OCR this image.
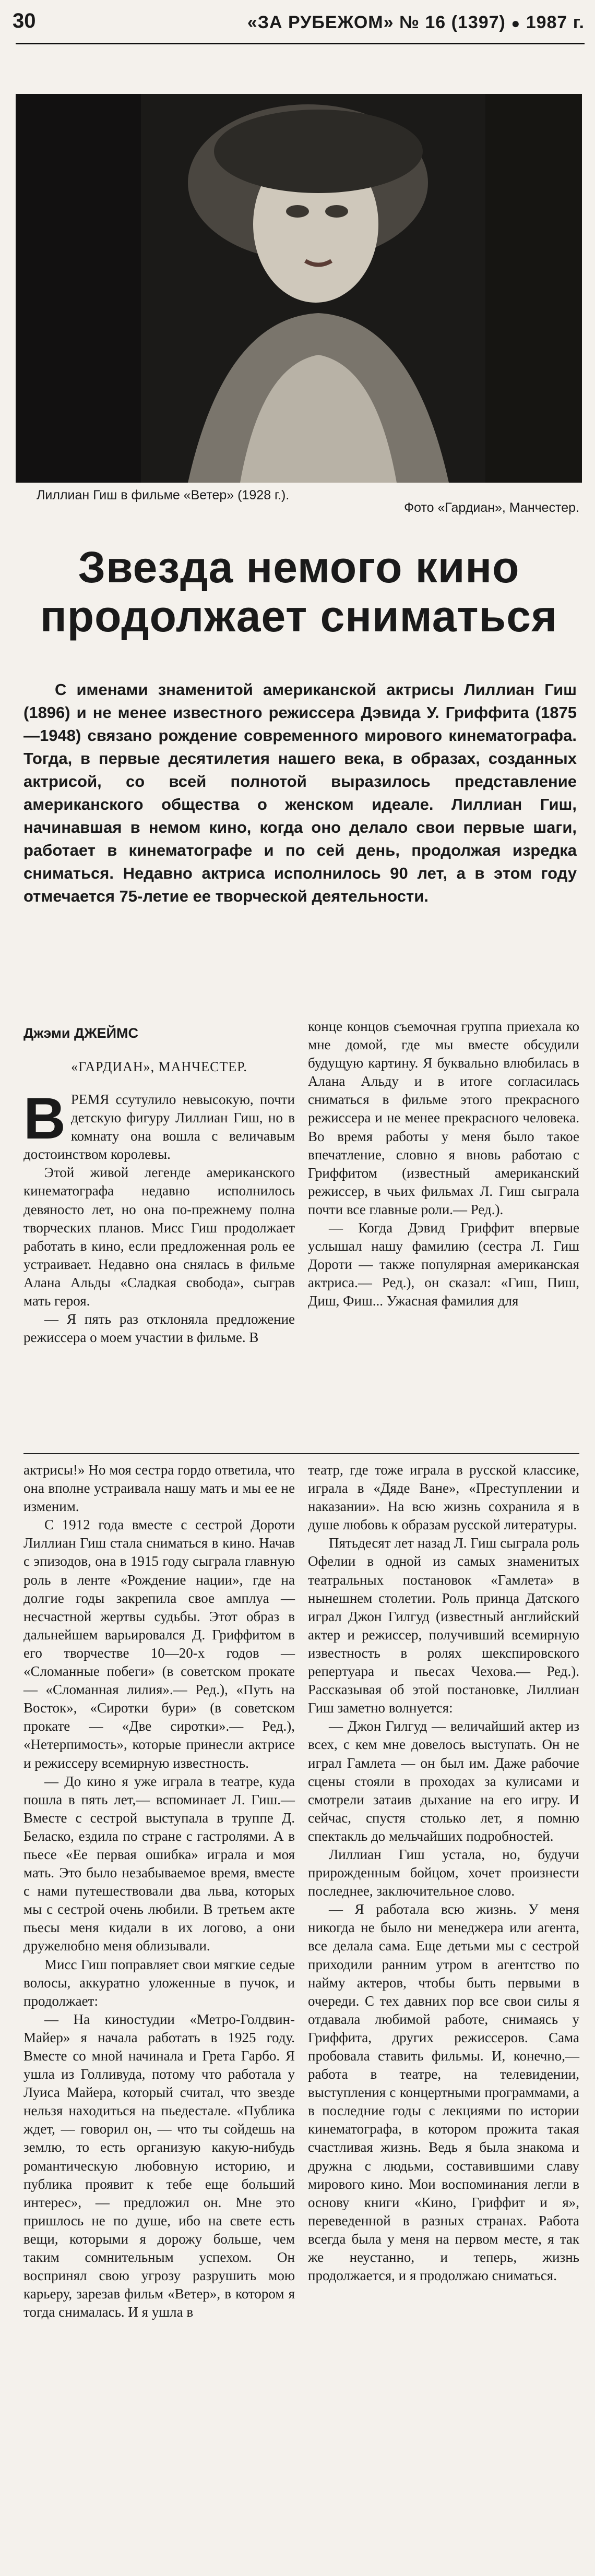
30	«ЗА РУБЕЖОМ» № 16 (1397) ● 1987 г.
Лиллиан Гиш в фильме «Ветер» (1928 г.).
Фото «Гардиан», Манчестер.
Звезда немого кино
продолжает сниматься
С именами знаменитой американской актрисы Лиллиан Гиш (1896) и не менее известного режиссера Дэвида У. Гриффита (1875—1948) связано рождение современного мирового кинематографа. Тогда, в первые десятилетия нашего века, в образах, созданных актрисой, со всей полнотой выразилось представление американского общества о женском идеале. Лиллиан Гиш, начинавшая в немом кино, когда оно делало свои первые шаги, работает в кинематографе и по сей день, продолжая изредка сниматься. Недавно актриса исполнилось 90 лет, а в этом году отмечается 75-летие ее творческой деятельности.
Джэми ДЖЕЙМС
«ГАРДИАН», МАНЧЕСТЕР.

ВРЕМЯ ссутулило невысокую, почти детскую фигуру Лиллиан Гиш, но в комнату она вошла с величавым достоинством королевы.

Этой живой легенде американского кинематографа недавно исполнилось девяносто лет, но она по-прежнему полна творческих планов. Мисс Гиш продолжает работать в кино, если предложенная роль ее устраивает. Недавно она снялась в фильме Алана Альды «Сладкая свобода», сыграв мать героя.

— Я пять раз отклоняла предложение режиссера о моем участии в фильме. В

конце концов съемочная группа приехала ко мне домой, где мы вместе обсудили будущую картину. Я буквально влюбилась в Алана Альду и в итоге согласилась сниматься в фильме этого прекрасного режиссера и не менее прекрасного человека. Во время работы у меня было такое впечатление, словно я вновь работаю с Гриффитом (известный американский режиссер, в чьих фильмах Л. Гиш сыграла почти все главные роли.— Ред.).

— Когда Дэвид Гриффит впервые услышал нашу фамилию (сестра Л. Гиш Дороти — также популярная американская актриса.— Ред.), он сказал: «Гиш, Пиш, Диш, Фиш... Ужасная фамилия для

актрисы!» Но моя сестра гордо ответила, что она вполне устраивала нашу мать и мы ее не изменим.

С 1912 года вместе с сестрой Дороти Лиллиан Гиш стала сниматься в кино. Начав с эпизодов, она в 1915 году сыграла главную роль в ленте «Рождение нации», где на долгие годы закрепила свое амплуа — несчастной жертвы судьбы. Этот образ в дальнейшем варьировался Д. Гриффитом в его творчестве 10—20-х годов — «Сломанные побеги» (в советском прокате — «Сломанная лилия».— Ред.), «Путь на Восток», «Сиротки бури» (в советском прокате — «Две сиротки».— Ред.), «Нетерпимость», которые принесли актрисе и режиссеру всемирную известность.

— До кино я уже играла в театре, куда пошла в пять лет,— вспоминает Л. Гиш.— Вместе с сестрой выступала в труппе Д. Беласко, ездила по стране с гастролями. А в пьесе «Ее первая ошибка» играла и моя мать. Это было незабываемое время, вместе с нами путешествовали два льва, которых мы с сестрой очень любили. В третьем акте пьесы меня кидали в их логово, а они дружелюбно меня облизывали.

Мисс Гиш поправляет свои мягкие седые волосы, аккуратно уложенные в пучок, и продолжает:

— На киностудии «Метро-Голдвин-Майер» я начала работать в 1925 году. Вместе со мной начинала и Грета Гарбо. Я ушла из Голливуда, потому что работала у Луиса Майера, который считал, что звезде нельзя находиться на пьедестале. «Публика ждет, — говорил он, — что ты сойдешь на землю, то есть организую какую-нибудь романтическую любовную историю, и публика проявит к тебе еще больший интерес», — предложил он. Мне это пришлось не по душе, ибо на свете есть вещи, которыми я дорожу больше, чем таким сомнительным успехом. Он воспринял свою угрозу разрушить мою карьеру, зарезав фильм «Ветер», в котором я тогда снималась. И я ушла в

театр, где тоже играла в русской классике, играла в «Дяде Ване», «Преступлении и наказании». На всю жизнь сохранила я в душе любовь к образам русской литературы.

Пятьдесят лет назад Л. Гиш сыграла роль Офелии в одной из самых знаменитых театральных постановок «Гамлета» в нынешнем столетии. Роль принца Датского играл Джон Гилгуд (известный английский актер и режиссер, получивший всемирную известность в ролях шекспировского репертуара и пьесах Чехова.— Ред.). Рассказывая об этой постановке, Лиллиан Гиш заметно волнуется:

— Джон Гилгуд — величайший актер из всех, с кем мне довелось выступать. Он не играл Гамлета — он был им. Даже рабочие сцены стояли в проходах за кулисами и смотрели затаив дыхание на его игру. И сейчас, спустя столько лет, я помню спектакль до мельчайших подробностей.

Лиллиан Гиш устала, но, будучи прирожденным бойцом, хочет произнести последнее, заключительное слово.

— Я работала всю жизнь. У меня никогда не было ни менеджера или агента, все делала сама. Еще детьми мы с сестрой приходили ранним утром в агентство по найму актеров, чтобы быть первыми в очереди. С тех давних пор все свои силы я отдавала любимой работе, снимаясь у Гриффита, других режиссеров. Сама пробовала ставить фильмы. И, конечно,— работа в театре, на телевидении, выступления с концертными программами, а в последние годы с лекциями по истории кинематографа, в котором прожита такая счастливая жизнь. Ведь я была знакома и дружна с людьми, составившими славу мирового кино. Мои воспоминания легли в основу книги «Кино, Гриффит и я», переведенной в разных странах. Работа всегда была у меня на первом месте, я так же неустанно, и теперь, жизнь продолжается, и я продолжаю сниматься.
